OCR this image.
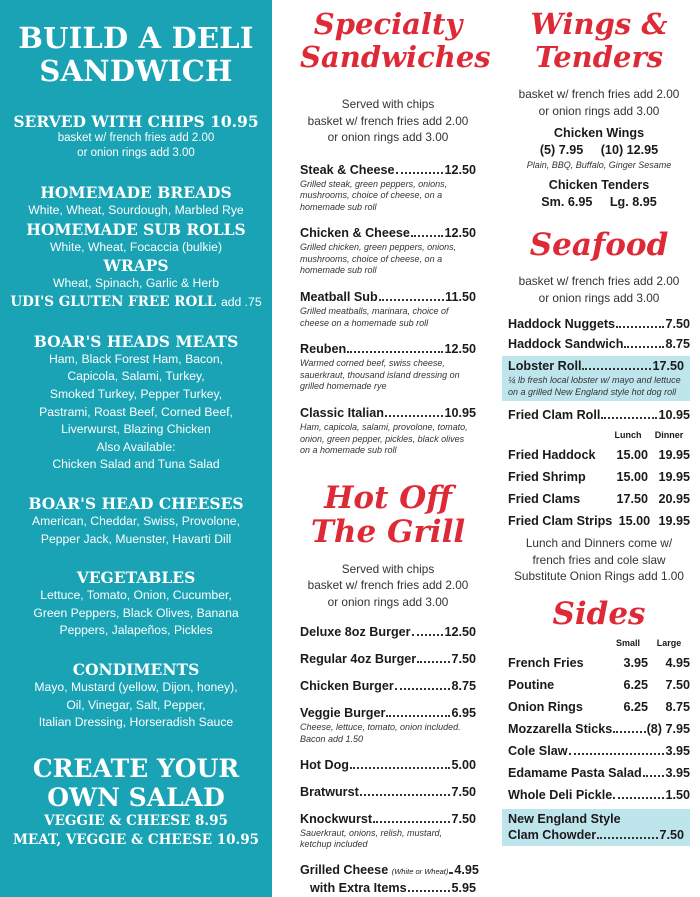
BUILD A DELI
SANDWICH
SERVED WITH CHIPS 10.95
basket w/ french fries add 2.00
or onion rings add 3.00
HOMEMADE BREADS
White, Wheat, Sourdough, Marbled Rye
HOMEMADE SUB ROLLS
White, Wheat, Focaccia (bulkie)
WRAPS
Wheat, Spinach, Garlic & Herb
UDI'S GLUTEN FREE ROLL add .75
BOAR'S HEADS MEATS
Ham, Black Forest Ham, Bacon,
Capicola, Salami, Turkey,
Smoked Turkey, Pepper Turkey,
Pastrami, Roast Beef, Corned Beef,
Liverwurst, Blazing Chicken
Also Available:
Chicken Salad and Tuna Salad
BOAR'S HEAD CHEESES
American, Cheddar, Swiss, Provolone,
Pepper Jack, Muenster, Havarti Dill
VEGETABLES
Lettuce, Tomato, Onion, Cucumber,
Green Peppers, Black Olives, Banana
Peppers, Jalapeños, Pickles
CONDIMENTS
Mayo, Mustard (yellow, Dijon, honey),
Oil, Vinegar, Salt, Pepper,
Italian Dressing, Horseradish Sauce
CREATE YOUR
OWN SALAD
VEGGIE & CHEESE 8.95
MEAT, VEGGIE & CHEESE 10.95
Specialty
Sandwiches
Served with chips
basket w/ french fries add 2.00
or onion rings add 3.00
Steak & Cheese	12.50
Grilled steak, green peppers, onions, mushrooms, choice of cheese, on a homemade sub roll
Chicken & Cheese	12.50
Grilled chicken, green peppers, onions, mushrooms, choice of cheese, on a homemade sub roll
Meatball Sub	11.50
Grilled meatballs, marinara, choice of cheese on a homemade sub roll
Reuben	12.50
Warmed corned beef, swiss cheese, sauerkraut, thousand island dressing on grilled homemade rye
Classic Italian	10.95
Ham, capicola, salami, provolone, tomato, onion, green pepper, pickles, black olives on a homemade sub roll
Hot Off
The Grill
Served with chips
basket w/ french fries add 2.00
or onion rings add 3.00
Deluxe 8oz Burger	12.50
Regular 4oz Burger	7.50
Chicken Burger	8.75
Veggie Burger	6.95
Cheese, lettuce, tomato, onion included. Bacon add 1.50
Hot Dog	5.00
Bratwurst	7.50
Knockwurst	7.50
Sauerkraut, onions, relish, mustard, ketchup included
Grilled Cheese (White or Wheat) 4.95
with Extra Items	5.95
Wings &
Tenders
basket w/ french fries add 2.00
or onion rings add 3.00
Chicken Wings
(5) 7.95     (10) 12.95
Plain, BBQ, Buffalo, Ginger Sesame
Chicken Tenders
Sm. 6.95     Lg. 8.95
Seafood
basket w/ french fries add 2.00
or onion rings add 3.00
Haddock Nuggets	7.50
Haddock Sandwich	8.75
Lobster Roll	17.50
¼ lb fresh local lobster w/ mayo and lettuce on a grilled New England style hot dog roll
Fried Clam Roll	10.95
Lunch	Dinner
Fried Haddock	15.00 19.95
Fried Shrimp	15.00 19.95
Fried Clams	17.50 20.95
Fried Clam Strips 15.00 19.95
Lunch and Dinners come w/
french fries and cole slaw
Substitute Onion Rings add 1.00
Sides
Small	Large
French Fries	3.95	4.95
Poutine	6.25	7.50
Onion Rings	6.25	8.75
Mozzarella Sticks	(8) 7.95
Cole Slaw	3.95
Edamame Pasta Salad 3.95
Whole Deli Pickle	1.50
New England Style
Clam Chowder	7.50
